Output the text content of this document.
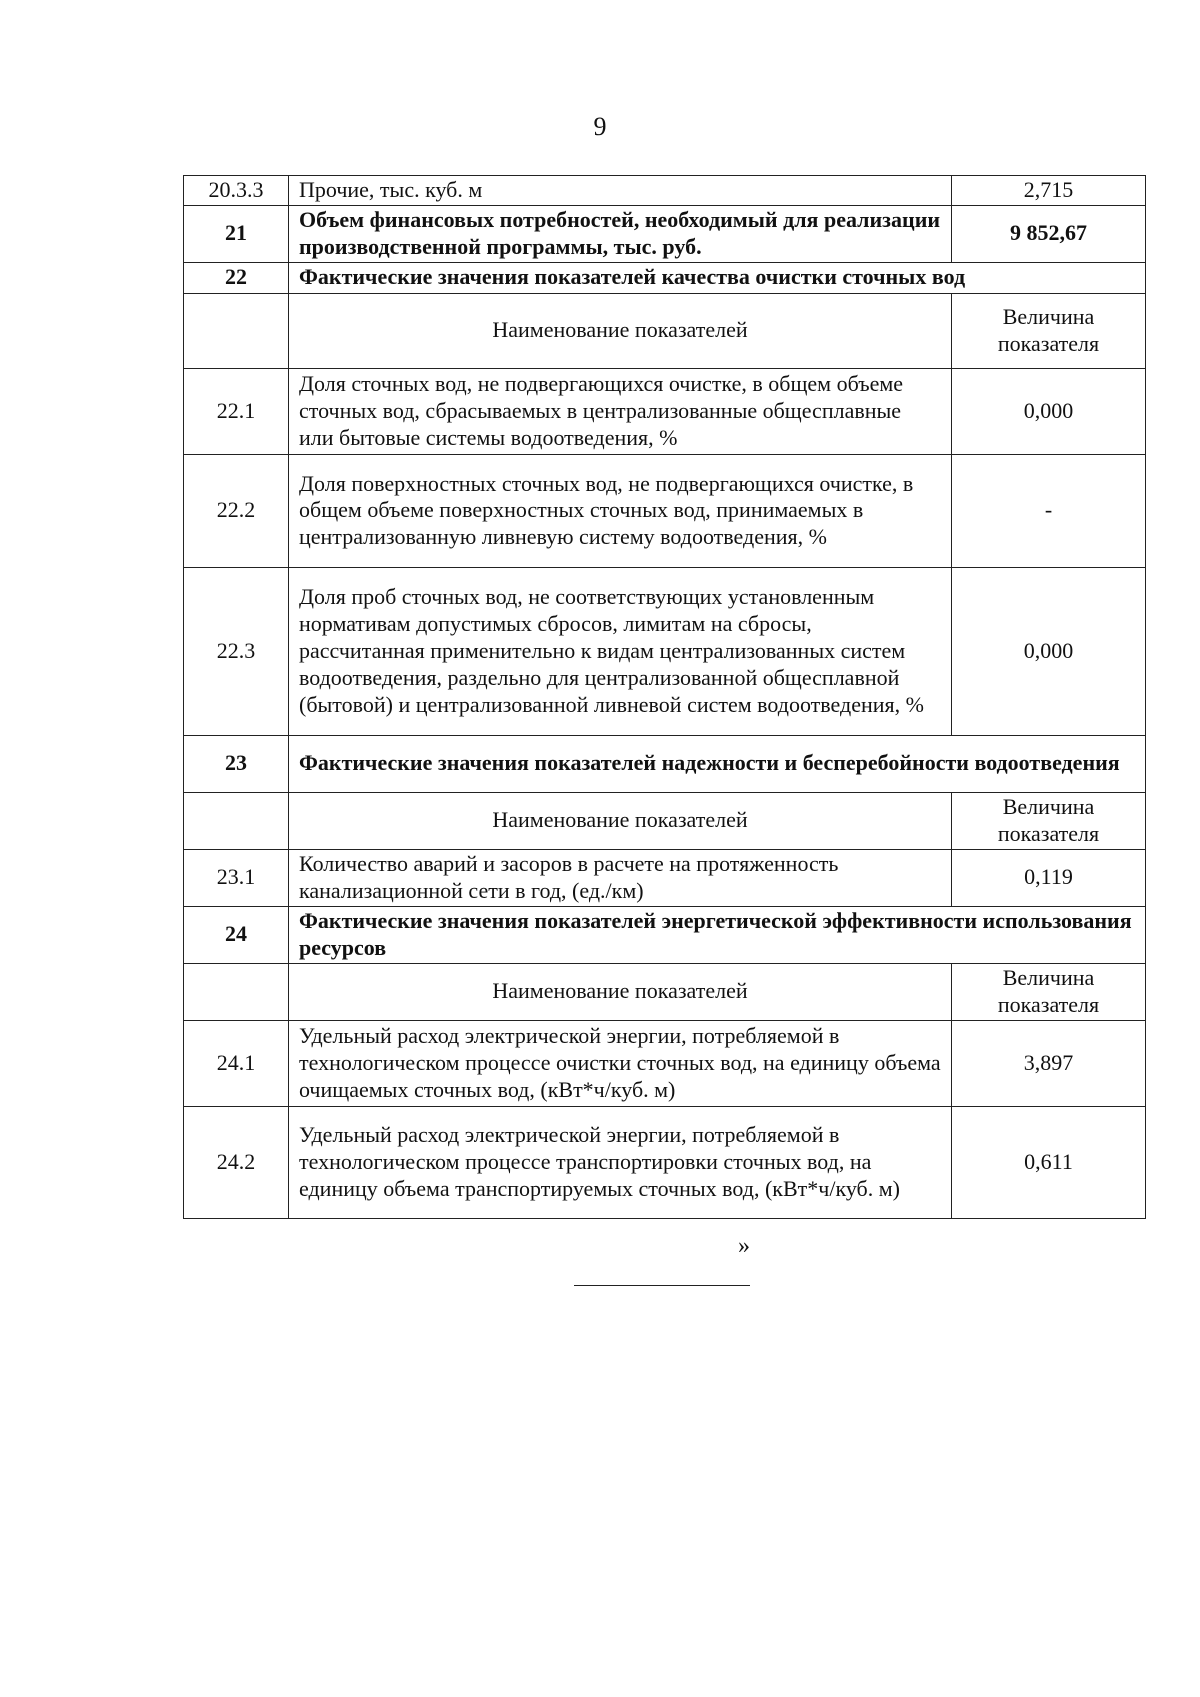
9
20.3.3	Прочие, тыс. куб. м	2,715
21	Объем финансовых потребностей, необходимый для реализации производственной программы, тыс. руб.	9 852,67
22	Фактические значения показателей качества очистки сточных вод	
	Наименование показателей	Величина показателя
22.1	Доля сточных вод, не подвергающихся очистке, в общем объеме сточных вод, сбрасываемых в централизованные общесплавные или бытовые системы водоотведения, %	0,000
22.2	Доля поверхностных сточных вод, не подвергающихся очистке, в общем объеме поверхностных сточных вод, принимаемых в централизованную ливневую систему водоотведения, %	-
22.3	Доля проб сточных вод, не соответствующих установленным нормативам допустимых сбросов, лимитам на сбросы, рассчитанная применительно к видам централизованных систем водоотведения, раздельно для централизованной общесплавной (бытовой) и централизованной ливневой систем водоотведения, %	0,000
23	Фактические значения показателей надежности и бесперебойности водоотведения	
	Наименование показателей	Величина показателя
23.1	Количество аварий и засоров в расчете на протяженность канализационной сети в год, (ед./км)	0,119
24	Фактические значения показателей энергетической эффективности использования ресурсов	
	Наименование показателей	Величина показателя
24.1	Удельный расход электрической энергии, потребляемой в технологическом процессе очистки сточных вод, на единицу объема очищаемых сточных вод, (кВт*ч/куб. м)	3,897
24.2	Удельный расход электрической энергии, потребляемой в технологическом процессе транспортировки сточных вод, на единицу объема транспортируемых сточных вод, (кВт*ч/куб. м)	0,611
»
